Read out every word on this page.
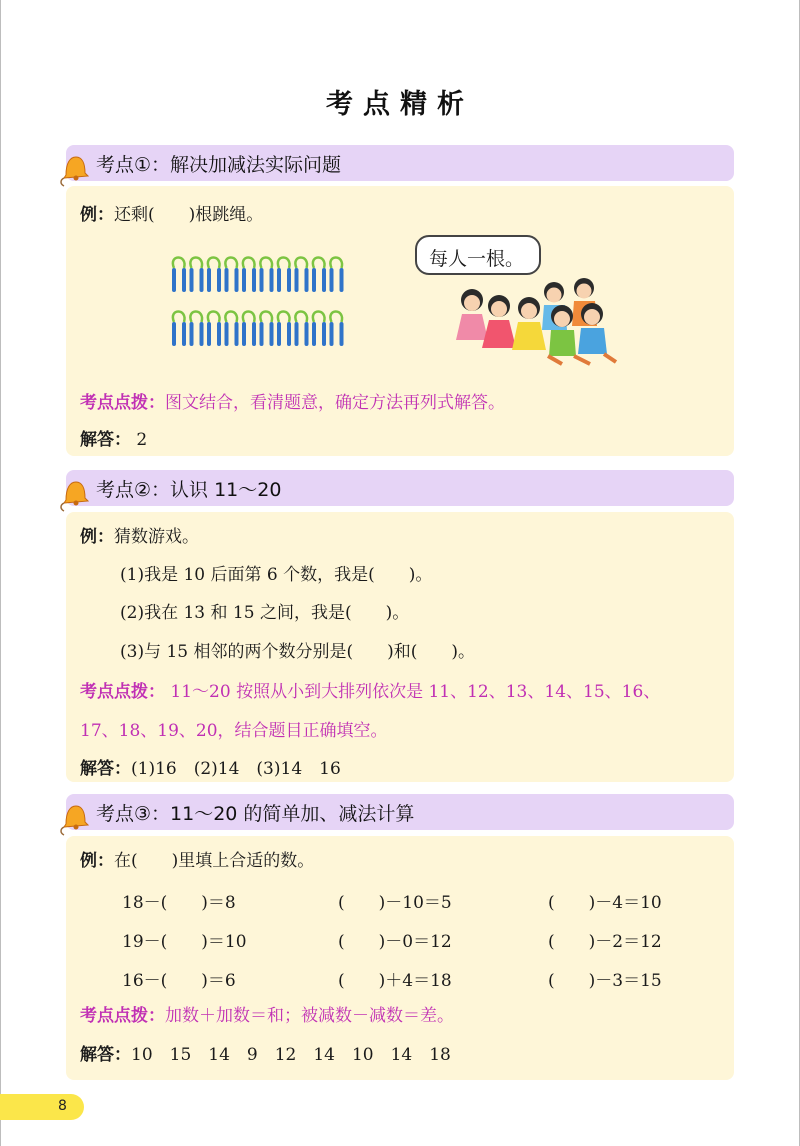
考点精析
考点①：解决加减法实际问题
例：还剩(　　)根跳绳。
每人一根。
考点点拨：图文结合，看清题意，确定方法再列式解答。
解答： 2
考点②：认识 11～20
例：猜数游戏。
(1)我是 10 后面第 6 个数，我是(　　)。
(2)我在 13 和 15 之间，我是(　　)。
(3)与 15 相邻的两个数分别是(　　)和(　　)。
考点点拨： 11～20 按照从小到大排列依次是 11、12、13、14、15、16、
17、18、19、20，结合题目正确填空。
解答：(1)16　(2)14　(3)14　16
考点③：11～20 的简单加、减法计算
例：在(　　)里填上合适的数。
18－(　　)＝8	(　　)－10＝5	(　　)－4＝10
19－(　　)＝10	(　　)－0＝12	(　　)－2＝12
16－(　　)＝6	(　　)＋4＝18	(　　)－3＝15
考点点拨：加数＋加数＝和；被减数－减数＝差。
解答：10　15　14　9　12　14　10　14　18
8
